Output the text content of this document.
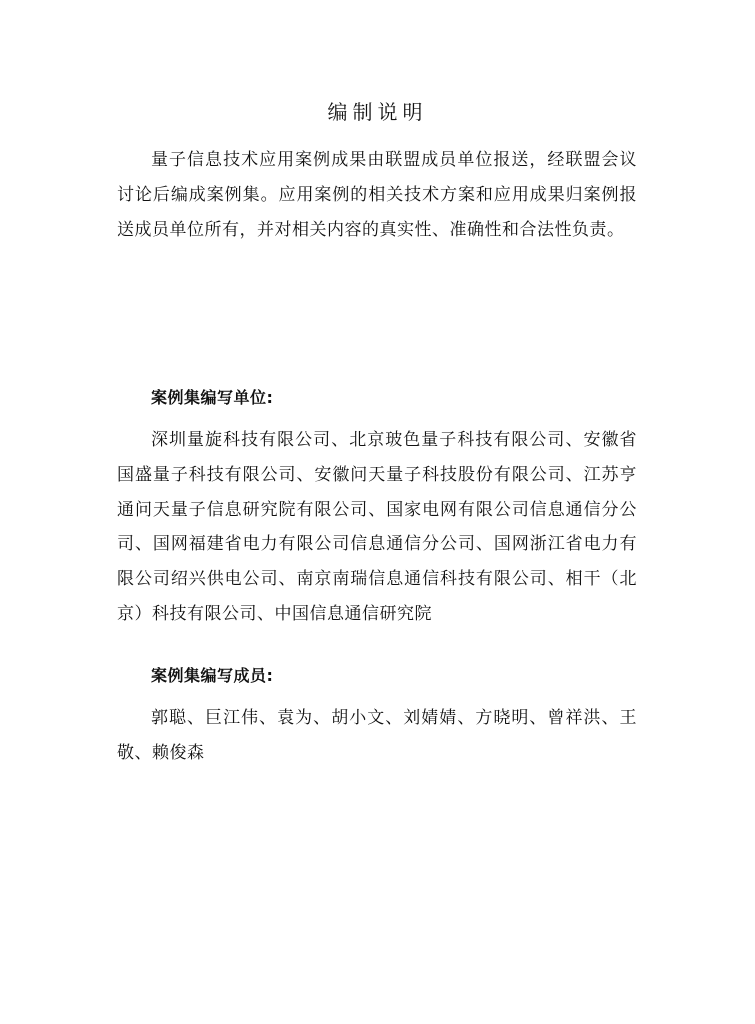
编制说明

量子信息技术应用案例成果由联盟成员单位报送，经联盟会议讨论后编成案例集。应用案例的相关技术方案和应用成果归案例报送成员单位所有，并对相关内容的真实性、准确性和合法性负责。

案例集编写单位:

深圳量旋科技有限公司、北京玻色量子科技有限公司、安徽省国盛量子科技有限公司、安徽问天量子科技股份有限公司、江苏亨通问天量子信息研究院有限公司、国家电网有限公司信息通信分公司、国网福建省电力有限公司信息通信分公司、国网浙江省电力有限公司绍兴供电公司、南京南瑞信息通信科技有限公司、相干（北京）科技有限公司、中国信息通信研究院

案例集编写成员:

郭聪、巨江伟、袁为、胡小文、刘婧婧、方晓明、曾祥洪、王敬、赖俊森
